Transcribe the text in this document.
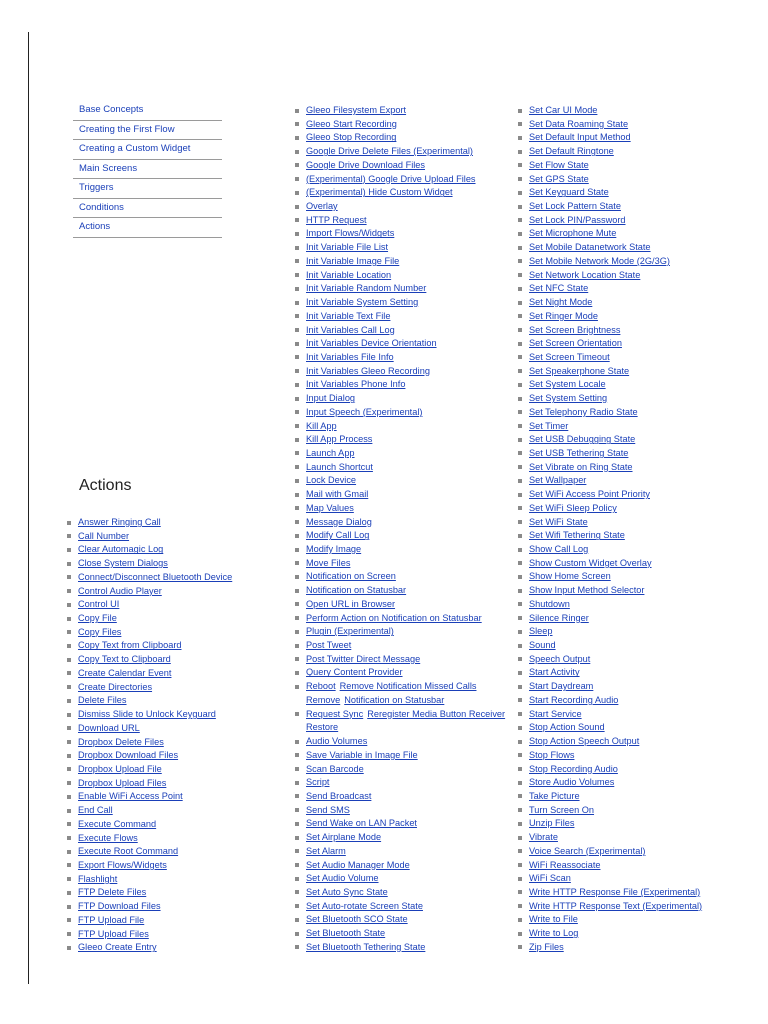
Base Concepts
Creating the First Flow
Creating a Custom Widget
Main Screens
Triggers
Conditions
Actions
Actions
Answer Ringing Call
Call Number
Clear Automagic Log
Close System Dialogs
Connect/Disconnect Bluetooth Device
Control Audio Player
Control UI
Copy File
Copy Files
Copy Text from Clipboard
Copy Text to Clipboard
Create Calendar Event
Create Directories
Delete Files
Dismiss Slide to Unlock Keyguard
Download URL
Dropbox Delete Files
Dropbox Download Files
Dropbox Upload File
Dropbox Upload Files
Enable WiFi Access Point
End Call
Execute Command
Execute Flows
Execute Root Command
Export Flows/Widgets
Flashlight
FTP Delete Files
FTP Download Files
FTP Upload File
FTP Upload Files
Gleeo Create Entry
Gleeo Filesystem Export
Gleeo Start Recording
Gleeo Stop Recording
Google Drive Delete Files (Experimental)
Google Drive Download Files
(Experimental) Google Drive Upload Files
(Experimental) Hide Custom Widget
Overlay
HTTP Request
Import Flows/Widgets
Init Variable File List
Init Variable Image File
Init Variable Location
Init Variable Random Number
Init Variable System Setting
Init Variable Text File
Init Variables Call Log
Init Variables Device Orientation
Init Variables File Info
Init Variables Gleeo Recording
Init Variables Phone Info
Input Dialog
Input Speech (Experimental)
Kill App
Kill App Process
Launch App
Launch Shortcut
Lock Device
Mail with Gmail
Map Values
Message Dialog
Modify Call Log
Modify Image
Move Files
Notification on Screen
Notification on Statusbar
Open URL in Browser
Perform Action on Notification on Statusbar
Plugin (Experimental)
Post Tweet
Post Twitter Direct Message
Query Content Provider
Reboot Remove Notification Missed Calls
Remove Notification on Statusbar
Request Sync Reregister Media Button Receiver
Restore
Audio Volumes
Save Variable in Image File
Scan Barcode
Script
Send Broadcast
Send SMS
Send Wake on LAN Packet
Set Airplane Mode
Set Alarm
Set Audio Manager Mode
Set Audio Volume
Set Auto Sync State
Set Auto-rotate Screen State
Set Bluetooth SCO State
Set Bluetooth State
Set Bluetooth Tethering State
Set Car UI Mode
Set Data Roaming State
Set Default Input Method
Set Default Ringtone
Set Flow State
Set GPS State
Set Keyguard State
Set Lock Pattern State
Set Lock PIN/Password
Set Microphone Mute
Set Mobile Datanetwork State
Set Mobile Network Mode (2G/3G)
Set Network Location State
Set NFC State
Set Night Mode
Set Ringer Mode
Set Screen Brightness
Set Screen Orientation
Set Screen Timeout
Set Speakerphone State
Set System Locale
Set System Setting
Set Telephony Radio State
Set Timer
Set USB Debugging State
Set USB Tethering State
Set Vibrate on Ring State
Set Wallpaper
Set WiFi Access Point Priority
Set WiFi Sleep Policy
Set WiFi State
Set Wifi Tethering State
Show Call Log
Show Custom Widget Overlay
Show Home Screen
Show Input Method Selector
Shutdown
Silence Ringer
Sleep
Sound
Speech Output
Start Activity
Start Daydream
Start Recording Audio
Start Service
Stop Action Sound
Stop Action Speech Output
Stop Flows
Stop Recording Audio
Store Audio Volumes
Take Picture
Turn Screen On
Unzip Files
Vibrate
Voice Search (Experimental)
WiFi Reassociate
WiFi Scan
Write HTTP Response File (Experimental)
Write HTTP Response Text (Experimental)
Write to File
Write to Log
Zip Files
